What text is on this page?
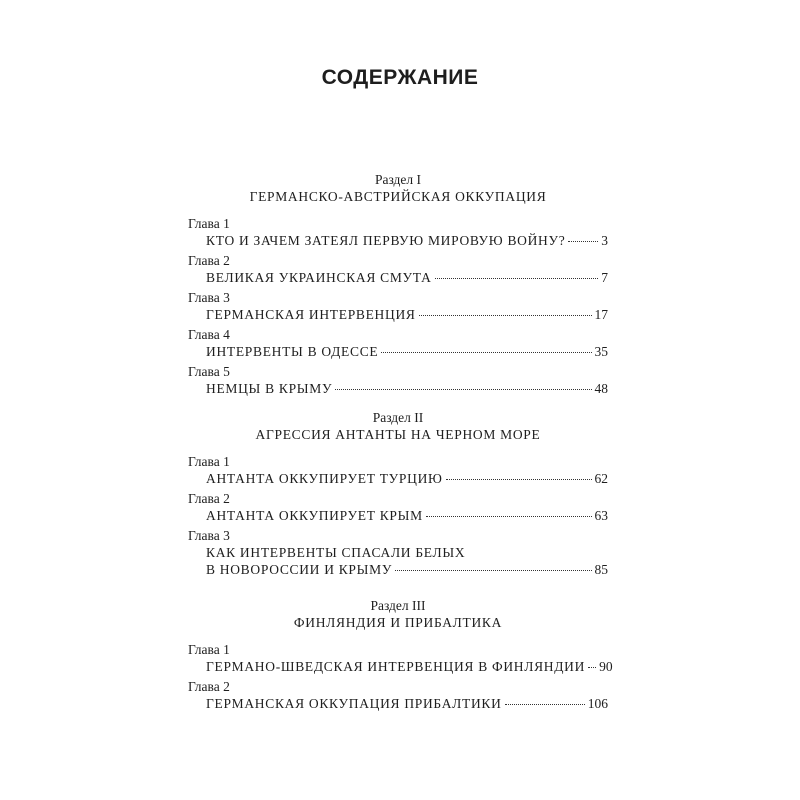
СОДЕРЖАНИЕ
Раздел I
ГЕРМАНСКО-АВСТРИЙСКАЯ ОККУПАЦИЯ
Глава 1
КТО И ЗАЧЕМ ЗАТЕЯЛ ПЕРВУЮ МИРОВУЮ ВОЙНУ?	3
Глава 2
ВЕЛИКАЯ УКРАИНСКАЯ СМУТА	7
Глава 3
ГЕРМАНСКАЯ ИНТЕРВЕНЦИЯ	17
Глава 4
ИНТЕРВЕНТЫ В ОДЕССЕ	35
Глава 5
НЕМЦЫ В КРЫМУ	48
Раздел II
АГРЕССИЯ АНТАНТЫ НА ЧЕРНОМ МОРЕ
Глава 1
АНТАНТА ОККУПИРУЕТ ТУРЦИЮ	62
Глава 2
АНТАНТА ОККУПИРУЕТ КРЫМ	63
Глава 3
КАК ИНТЕРВЕНТЫ СПАСАЛИ БЕЛЫХ
В НОВОРОССИИ И КРЫМУ	85
Раздел III
ФИНЛЯНДИЯ И ПРИБАЛТИКА
Глава 1
ГЕРМАНО-ШВЕДСКАЯ ИНТЕРВЕНЦИЯ В ФИНЛЯНДИИ 90
Глава 2
ГЕРМАНСКАЯ ОККУПАЦИЯ ПРИБАЛТИКИ	106
